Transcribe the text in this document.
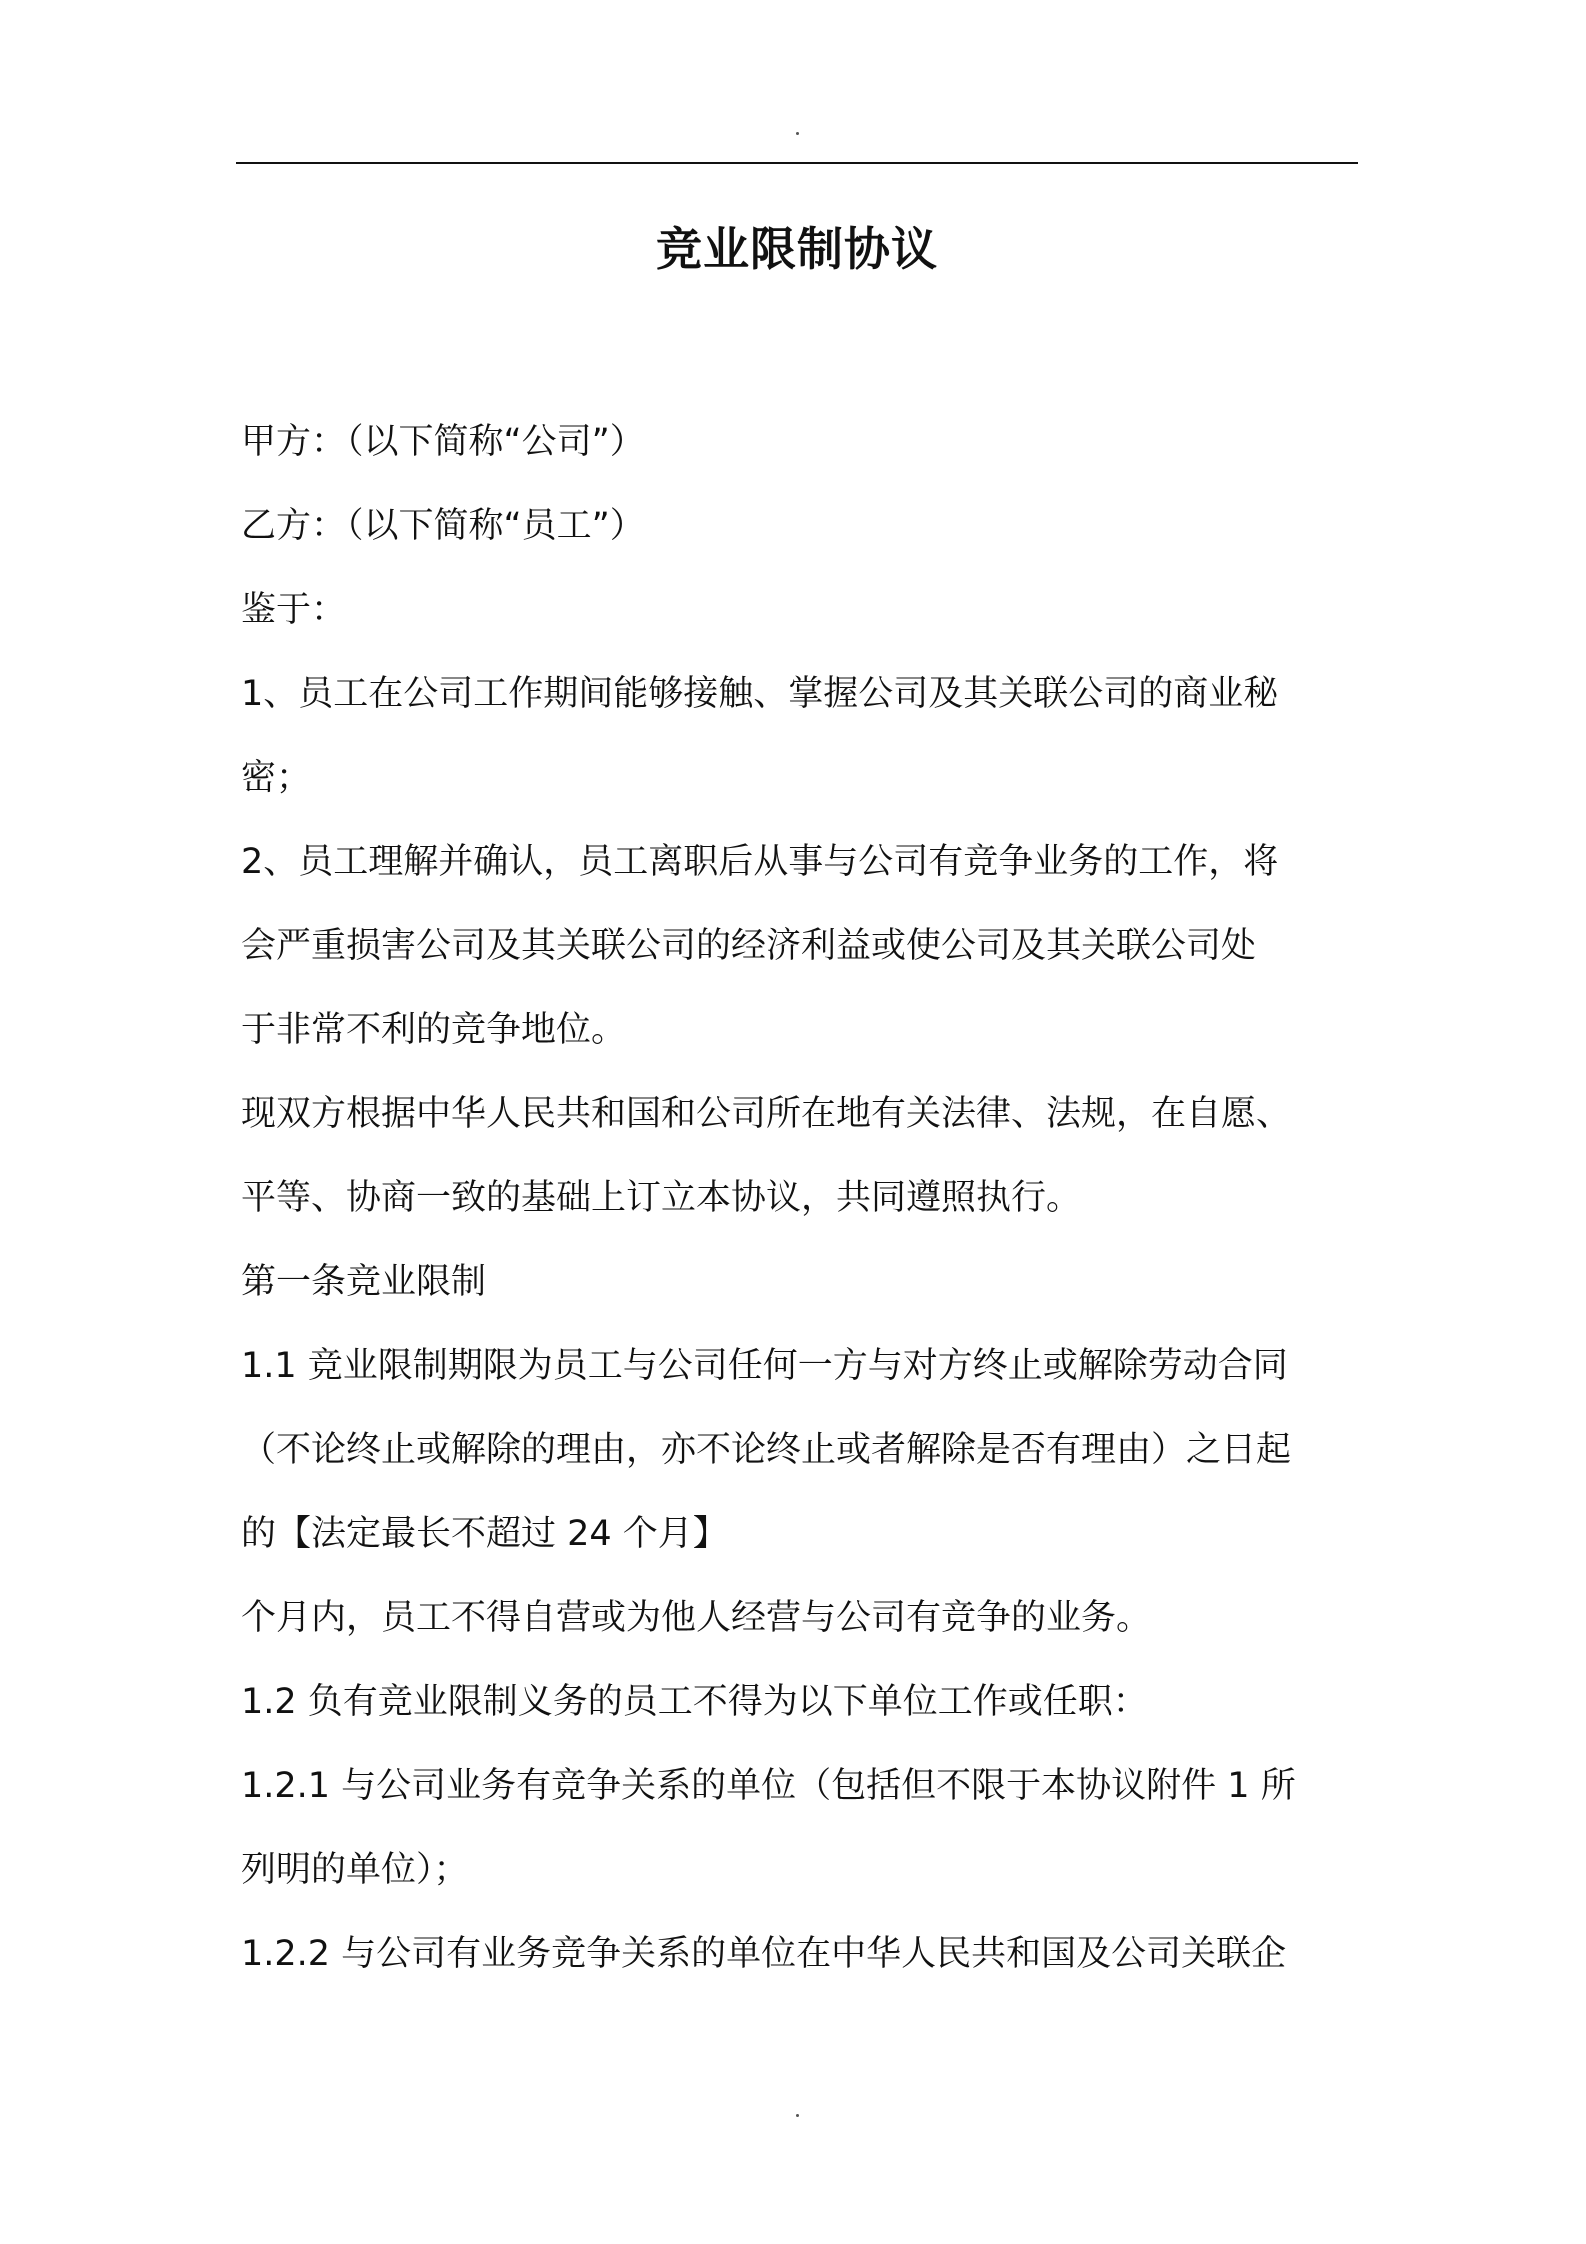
竞业限制协议
甲方：（以下简称“公司”）
乙方：（以下简称“员工”）
鉴于：
1、员工在公司工作期间能够接触、掌握公司及其关联公司的商业秘
密；
2、员工理解并确认，员工离职后从事与公司有竞争业务的工作，将
会严重损害公司及其关联公司的经济利益或使公司及其关联公司处
于非常不利的竞争地位。
现双方根据中华人民共和国和公司所在地有关法律、法规，在自愿、
平等、协商一致的基础上订立本协议，共同遵照执行。
第一条竞业限制
1.1 竞业限制期限为员工与公司任何一方与对方终止或解除劳动合同
（不论终止或解除的理由，亦不论终止或者解除是否有理由）之日起
的【法定最长不超过 24 个月】
个月内，员工不得自营或为他人经营与公司有竞争的业务。
1.2 负有竞业限制义务的员工不得为以下单位工作或任职：
1.2.1 与公司业务有竞争关系的单位（包括但不限于本协议附件 1 所
列明的单位）；
1.2.2 与公司有业务竞争关系的单位在中华人民共和国及公司关联企
